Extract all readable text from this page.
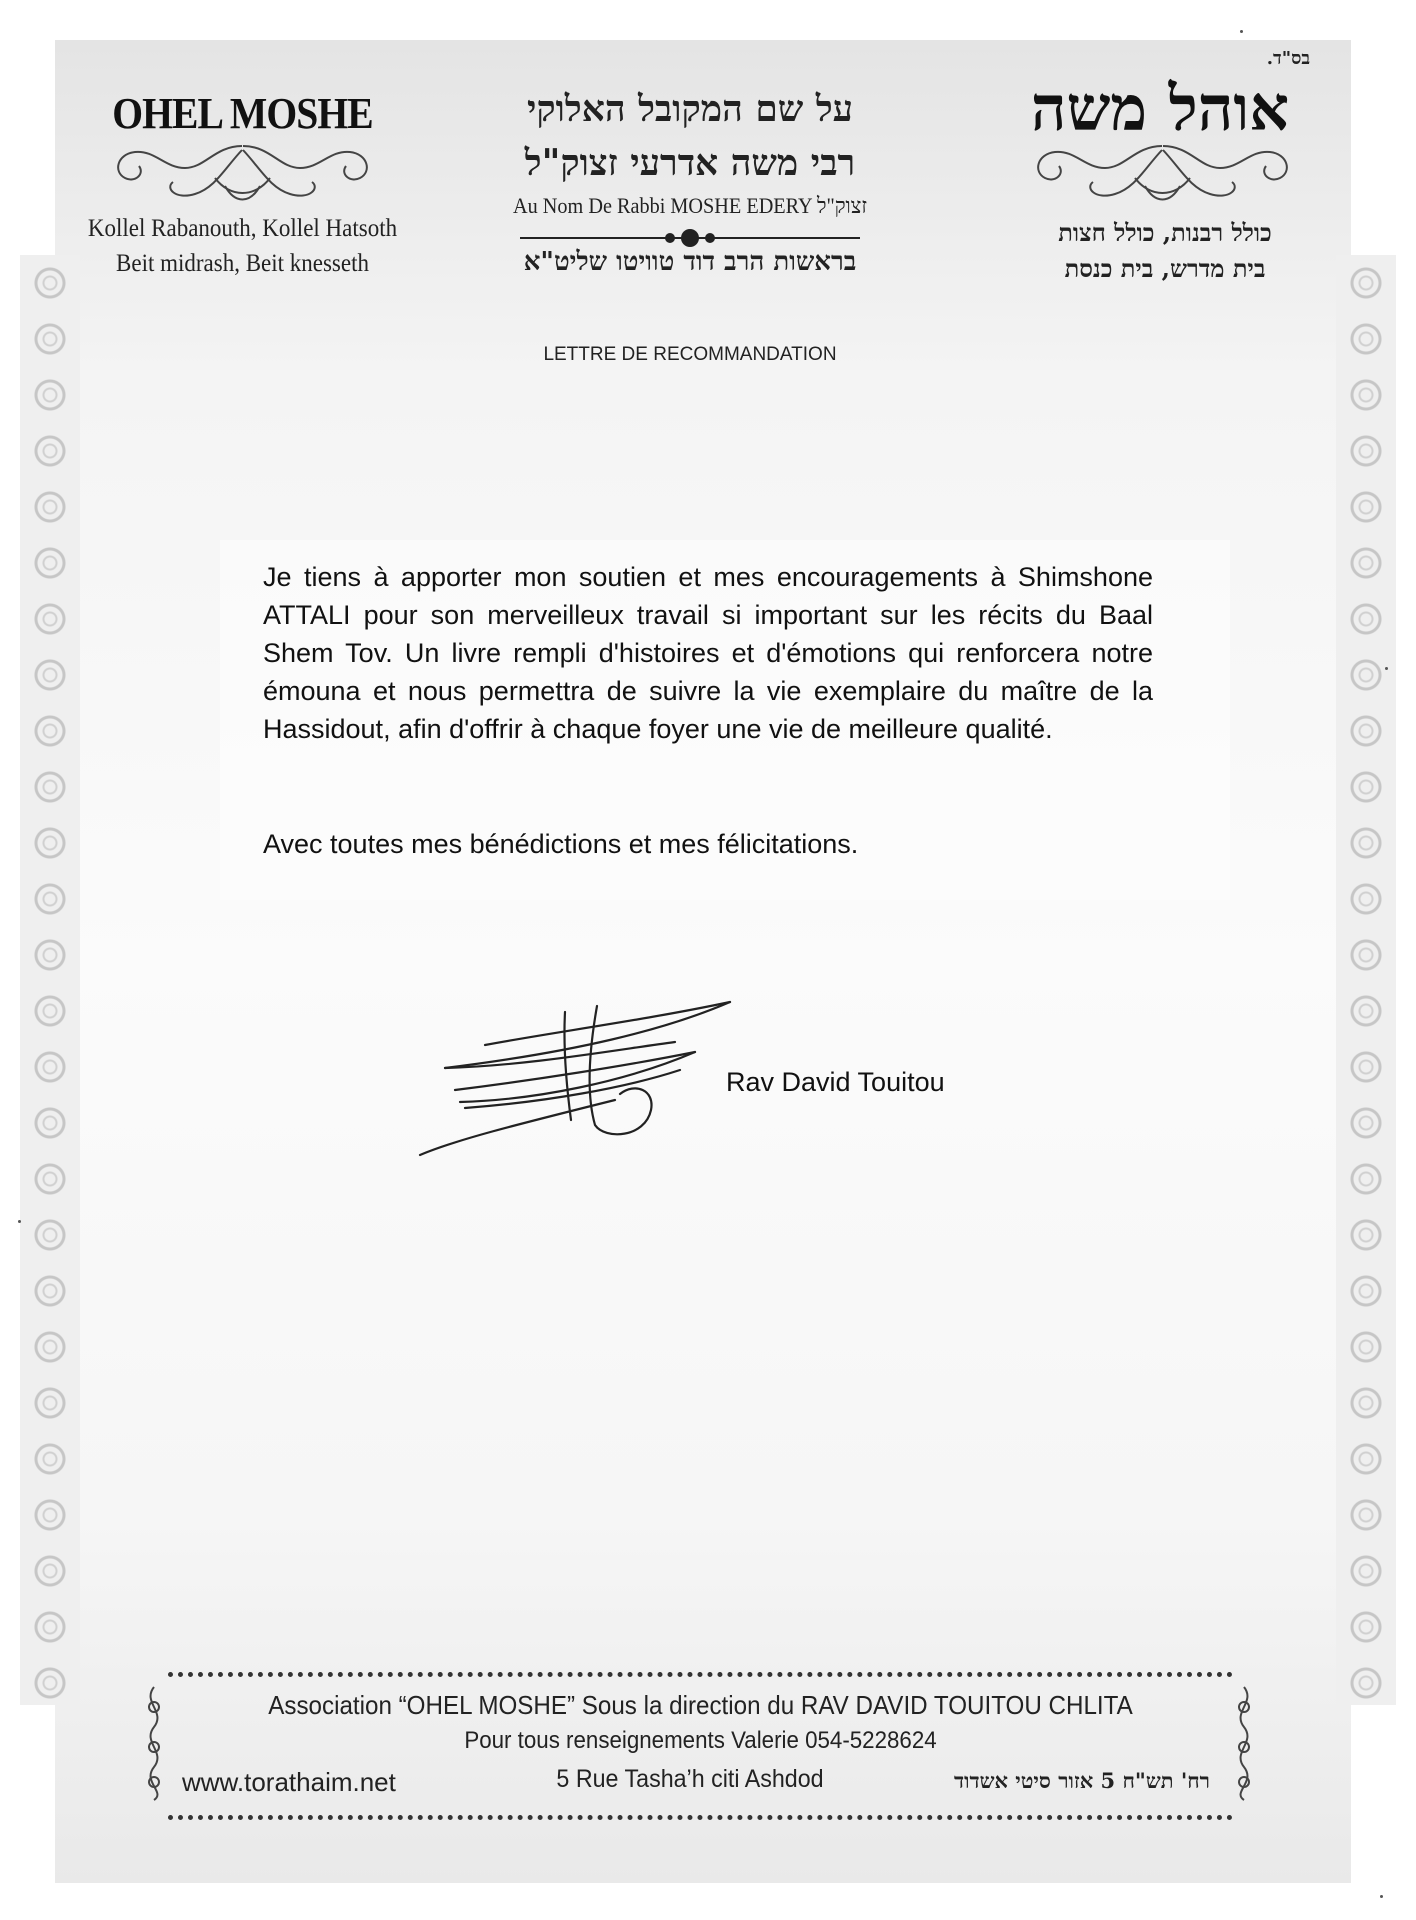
OHEL MOSHE
Kollel Rabanouth, Kollel Hatsoth
Beit midrash, Beit knesseth
על שם המקובל האלוקי
רבי משה אדרעי זצוק"ל
Au Nom De Rabbi MOSHE EDERY זצוק"ל
בראשות הרב דוד טוויטו שליט"א
בס"ד.
אוהל משה
כולל רבנות, כולל חצות
בית מדרש, בית כנסת
LETTRE DE RECOMMANDATION

Je tiens à apporter mon soutien et mes encouragements à Shimshone ATTALI pour son merveilleux travail si important sur les récits du Baal Shem Tov. Un livre rempli d'histoires et d'émotions qui renforcera notre émouna et nous permettra de suivre la vie exemplaire du maître de la Hassidout, afin d'offrir à chaque foyer une vie de meilleure qualité.

Avec toutes mes bénédictions et mes félicitations.

Rav David Touitou
Association “OHEL MOSHE” Sous la direction du RAV DAVID TOUITOU CHLITA
Pour tous renseignements Valerie 054-5228624
www.torathaim.net	5 Rue Tasha’h citi Ashdod	רח' תש"ח 5 אזור סיטי אשדוד
